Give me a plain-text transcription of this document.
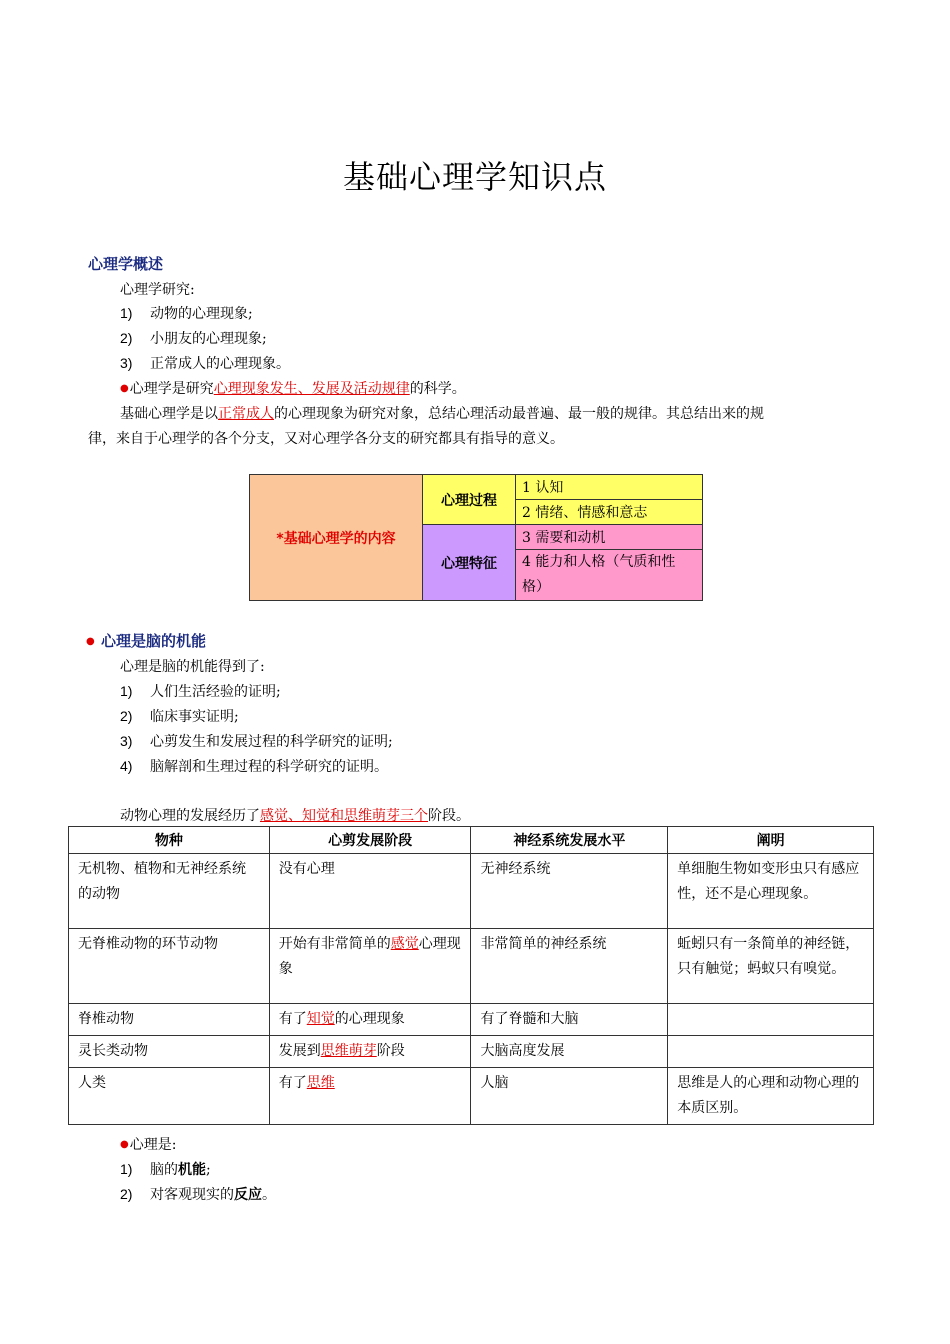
基础心理学知识点
心理学概述
心理学研究:
1) 动物的心理现象;
2) 小朋友的心理现象;
3) 正常成人的心理现象。
●心理学是研究心理现象发生、发展及活动规律的科学。
基础心理学是以正常成人的心理现象为研究对象，总结心理活动最普遍、最一般的规律。其总结出来的规
律，来自于心理学的各个分支，又对心理学各分支的研究都具有指导的意义。
*基础心理学的内容	心理过程	1 认知
		2 情绪、情感和意志
	心理特征	3 需要和动机
		4 能力和人格（气质和性格）
● 心理是脑的机能
心理是脑的机能得到了:
1) 人们生活经验的证明;
2) 临床事实证明;
3) 心剪发生和发展过程的科学研究的证明;
4) 脑解剖和生理过程的科学研究的证明。
动物心理的发展经历了感觉、知觉和思维萌芽三个阶段。
物种	心剪发展阶段	神经系统发展水平	阐明
无机物、植物和无神经系统的动物	没有心理	无神经系统	单细胞生物如变形虫只有感应性，还不是心理现象。
无脊椎动物的环节动物	开始有非常简单的感觉心理现象	非常简单的神经系统	蚯蚓只有一条简单的神经链，只有触觉；蚂蚁只有嗅觉。
脊椎动物	有了知觉的心理现象	有了脊髓和大脑	
灵长类动物	发展到思维萌芽阶段	大脑高度发展	
人类	有了思维	人脑	思维是人的心理和动物心理的本质区别。
●心理是:
1) 脑的机能;
2) 对客观现实的反应。
